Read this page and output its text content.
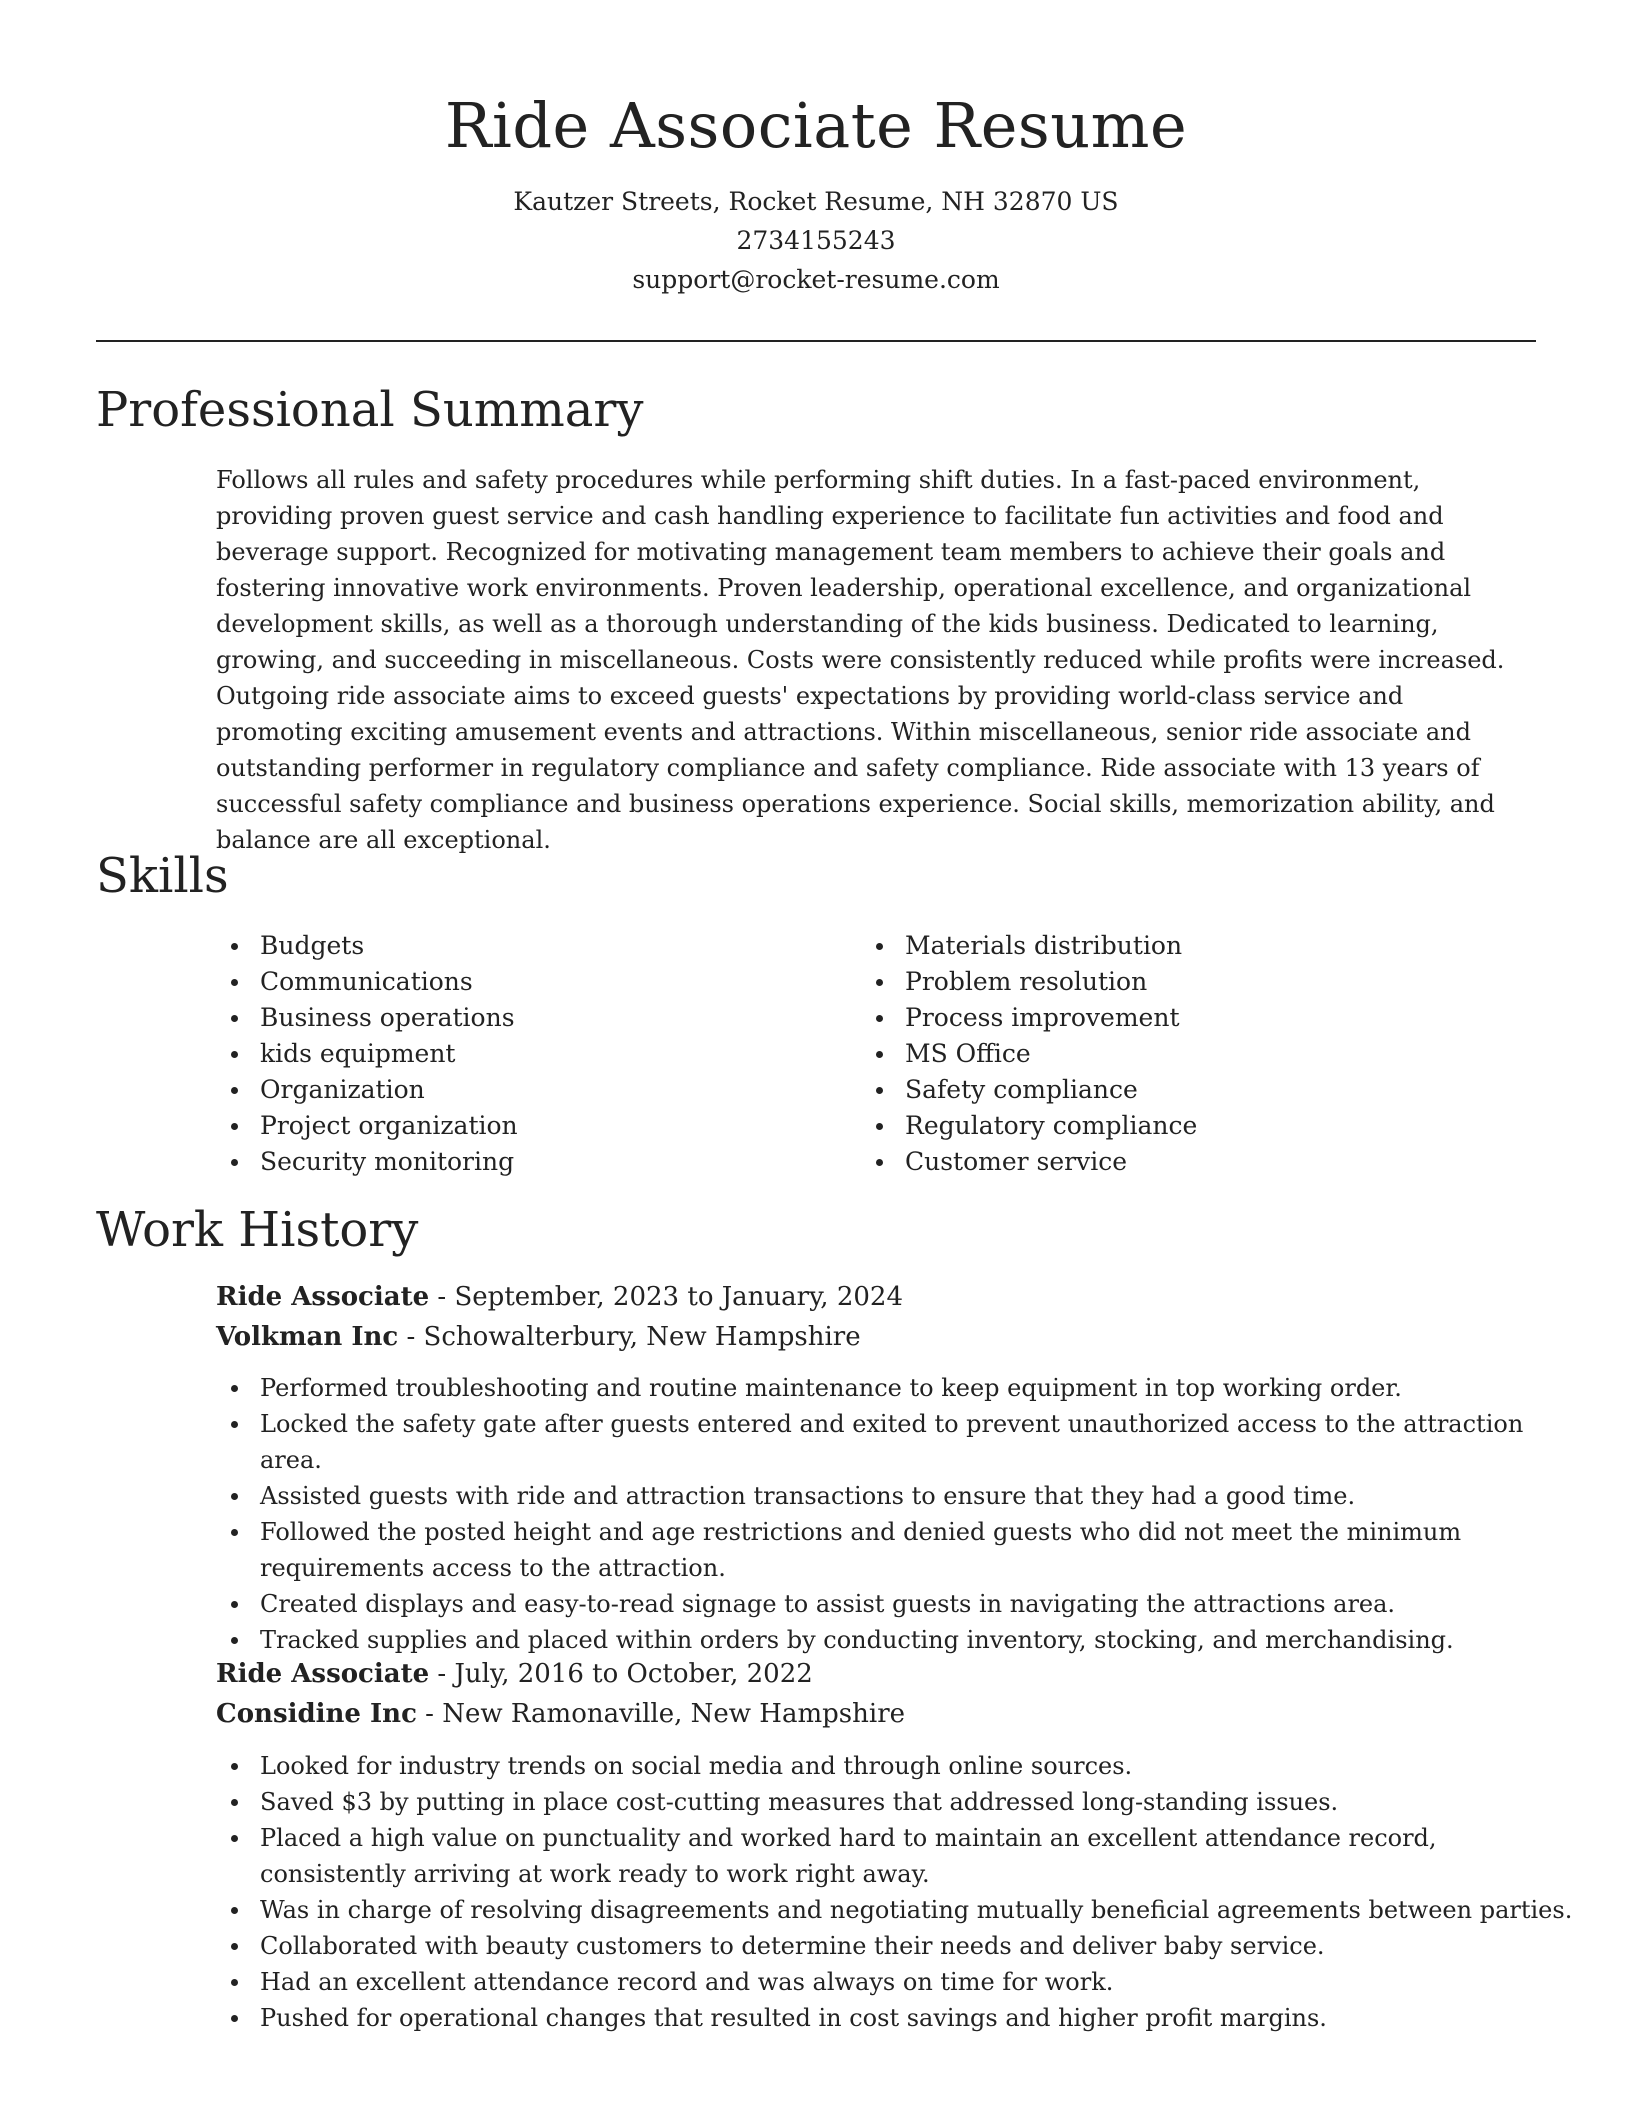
Ride Associate Resume
Kautzer Streets, Rocket Resume, NH 32870 US
2734155243
support@rocket-resume.com
Professional Summary

Follows all rules and safety procedures while performing shift duties. In a fast-paced environment, providing proven guest service and cash handling experience to facilitate fun activities and food and beverage support. Recognized for motivating management team members to achieve their goals and fostering innovative work environments. Proven leadership, operational excellence, and organizational development skills, as well as a thorough understanding of the kids business. Dedicated to learning, growing, and succeeding in miscellaneous. Costs were consistently reduced while profits were increased. Outgoing ride associate aims to exceed guests' expectations by providing world-class service and promoting exciting amusement events and attractions. Within miscellaneous, senior ride associate and outstanding performer in regulatory compliance and safety compliance. Ride associate with 13 years of successful safety compliance and business operations experience. Social skills, memorization ability, and balance are all exceptional.

Skills
Budgets
Communications
Business operations
kids equipment
Organization
Project organization
Security monitoring
Materials distribution
Problem resolution
Process improvement
MS Office
Safety compliance
Regulatory compliance
Customer service
Work History
Ride Associate - September, 2023 to January, 2024
Volkman Inc - Schowalterbury, New Hampshire
Performed troubleshooting and routine maintenance to keep equipment in top working order.
Locked the safety gate after guests entered and exited to prevent unauthorized access to the attraction area.
Assisted guests with ride and attraction transactions to ensure that they had a good time.
Followed the posted height and age restrictions and denied guests who did not meet the minimum requirements access to the attraction.
Created displays and easy-to-read signage to assist guests in navigating the attractions area.
Tracked supplies and placed within orders by conducting inventory, stocking, and merchandising.
Ride Associate - July, 2016 to October, 2022
Considine Inc - New Ramonaville, New Hampshire
Looked for industry trends on social media and through online sources.
Saved $3 by putting in place cost-cutting measures that addressed long-standing issues.
Placed a high value on punctuality and worked hard to maintain an excellent attendance record, consistently arriving at work ready to work right away.
Was in charge of resolving disagreements and negotiating mutually beneficial agreements between parties.
Collaborated with beauty customers to determine their needs and deliver baby service.
Had an excellent attendance record and was always on time for work.
Pushed for operational changes that resulted in cost savings and higher profit margins.
